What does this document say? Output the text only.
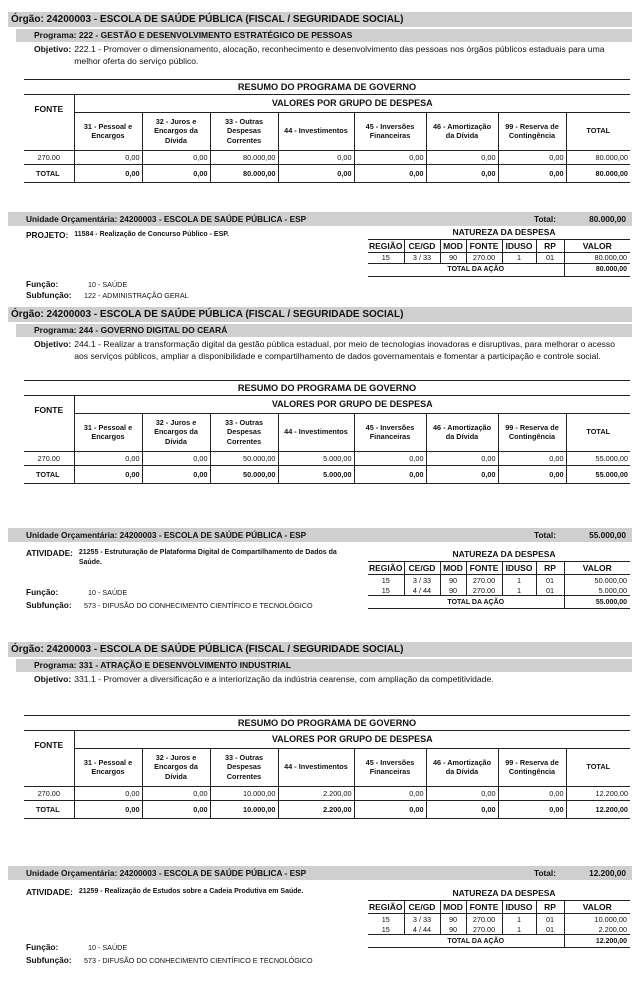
Órgão: 24200003 - ESCOLA DE SAÚDE PÚBLICA (FISCAL / SEGURIDADE SOCIAL)
Programa: 222 - GESTÃO E DESENVOLVIMENTO ESTRATÉGICO DE PESSOAS
Objetivo: 222.1 - Promover o dimensionamento, alocação, reconhecimento e desenvolvimento das pessoas nos órgãos públicos estaduais para uma melhor oferta do serviço público.
RESUMO DO PROGRAMA DE GOVERNO
FONTE	VALORES POR GRUPO DE DESPESA							
	31 - Pessoal e Encargos	32 - Juros e Encargos da Dívida	33 - Outras Despesas Correntes	44 - Investimentos	45 - Inversões Financeiras	46 - Amortização da Dívida	99 - Reserva de Contingência	TOTAL
270.00	0,00	0,00	80.000,00	0,00	0,00	0,00	0,00	80.000,00
TOTAL	0,00	0,00	80.000,00	0,00	0,00	0,00	0,00	80.000,00
Unidade Orçamentária: 24200003 - ESCOLA DE SAÚDE PÚBLICA - ESP	Total:	80.000,00
PROJETO: 11584 - Realização de Concurso Público - ESP.	NATUREZA DA DESPESA
REGIÃO	CE/GD	MOD	FONTE	IDUSO	RP	VALOR
15	3 / 33	90	270.00	1	01	80.000,00
TOTAL DA AÇÃO						80.000,00
Função:	10 - SAÚDE
Subfunção:	122 - ADMINISTRAÇÃO GERAL
Órgão: 24200003 - ESCOLA DE SAÚDE PÚBLICA (FISCAL / SEGURIDADE SOCIAL)
Programa: 244 - GOVERNO DIGITAL DO CEARÁ
Objetivo: 244.1 - Realizar a transformação digital da gestão pública estadual, por meio de tecnologias inovadoras e disruptivas, para melhorar o acesso aos serviços públicos, ampliar a disponibilidade e compartilhamento de dados governamentais e fomentar a participação e controle social.
RESUMO DO PROGRAMA DE GOVERNO
FONTE	VALORES POR GRUPO DE DESPESA							
	31 - Pessoal e Encargos	32 - Juros e Encargos da Dívida	33 - Outras Despesas Correntes	44 - Investimentos	45 - Inversões Financeiras	46 - Amortização da Dívida	99 - Reserva de Contingência	TOTAL
270.00	0,00	0,00	50.000,00	5.000,00	0,00	0,00	0,00	55.000,00
TOTAL	0,00	0,00	50.000,00	5.000,00	0,00	0,00	0,00	55.000,00
Unidade Orçamentária: 24200003 - ESCOLA DE SAÚDE PÚBLICA - ESP	Total:	55.000,00
ATIVIDADE: 21255 - Estruturação de Plataforma Digital de Compartilhamento de Dados da Saúde.
NATUREZA DA DESPESA
REGIÃO	CE/GD	MOD	FONTE	IDUSO	RP	VALOR
15	3 / 33	90	270.00	1	01	50.000,00
15	4 / 44	90	270.00	1	01	5.000,00
TOTAL DA AÇÃO						55.000,00
Função:	10 - SAÚDE
Subfunção:	573 - DIFUSÃO DO CONHECIMENTO CIENTÍFICO E TECNOLÓGICO
Órgão: 24200003 - ESCOLA DE SAÚDE PÚBLICA (FISCAL / SEGURIDADE SOCIAL)
Programa: 331 - ATRAÇÃO E DESENVOLVIMENTO INDUSTRIAL
Objetivo: 331.1 - Promover a diversificação e a interiorização da indústria cearense, com ampliação da competitividade.
RESUMO DO PROGRAMA DE GOVERNO
FONTE	VALORES POR GRUPO DE DESPESA							
	31 - Pessoal e Encargos	32 - Juros e Encargos da Dívida	33 - Outras Despesas Correntes	44 - Investimentos	45 - Inversões Financeiras	46 - Amortização da Dívida	99 - Reserva de Contingência	TOTAL
270.00	0,00	0,00	10.000,00	2.200,00	0,00	0,00	0,00	12.200,00
TOTAL	0,00	0,00	10.000,00	2.200,00	0,00	0,00	0,00	12.200,00
Unidade Orçamentária: 24200003 - ESCOLA DE SAÚDE PÚBLICA - ESP	Total:	12.200,00
ATIVIDADE: 21259 - Realização de Estudos sobre a Cadeia Produtiva em Saúde.	NATUREZA DA DESPESA
REGIÃO	CE/GD	MOD	FONTE	IDUSO	RP	VALOR
15	3 / 33	90	270.00	1	01	10.000,00
15	4 / 44	90	270.00	1	01	2.200,00
TOTAL DA AÇÃO						12.200,00
Função:	10 - SAÚDE
Subfunção:	573 - DIFUSÃO DO CONHECIMENTO CIENTÍFICO E TECNOLÓGICO
